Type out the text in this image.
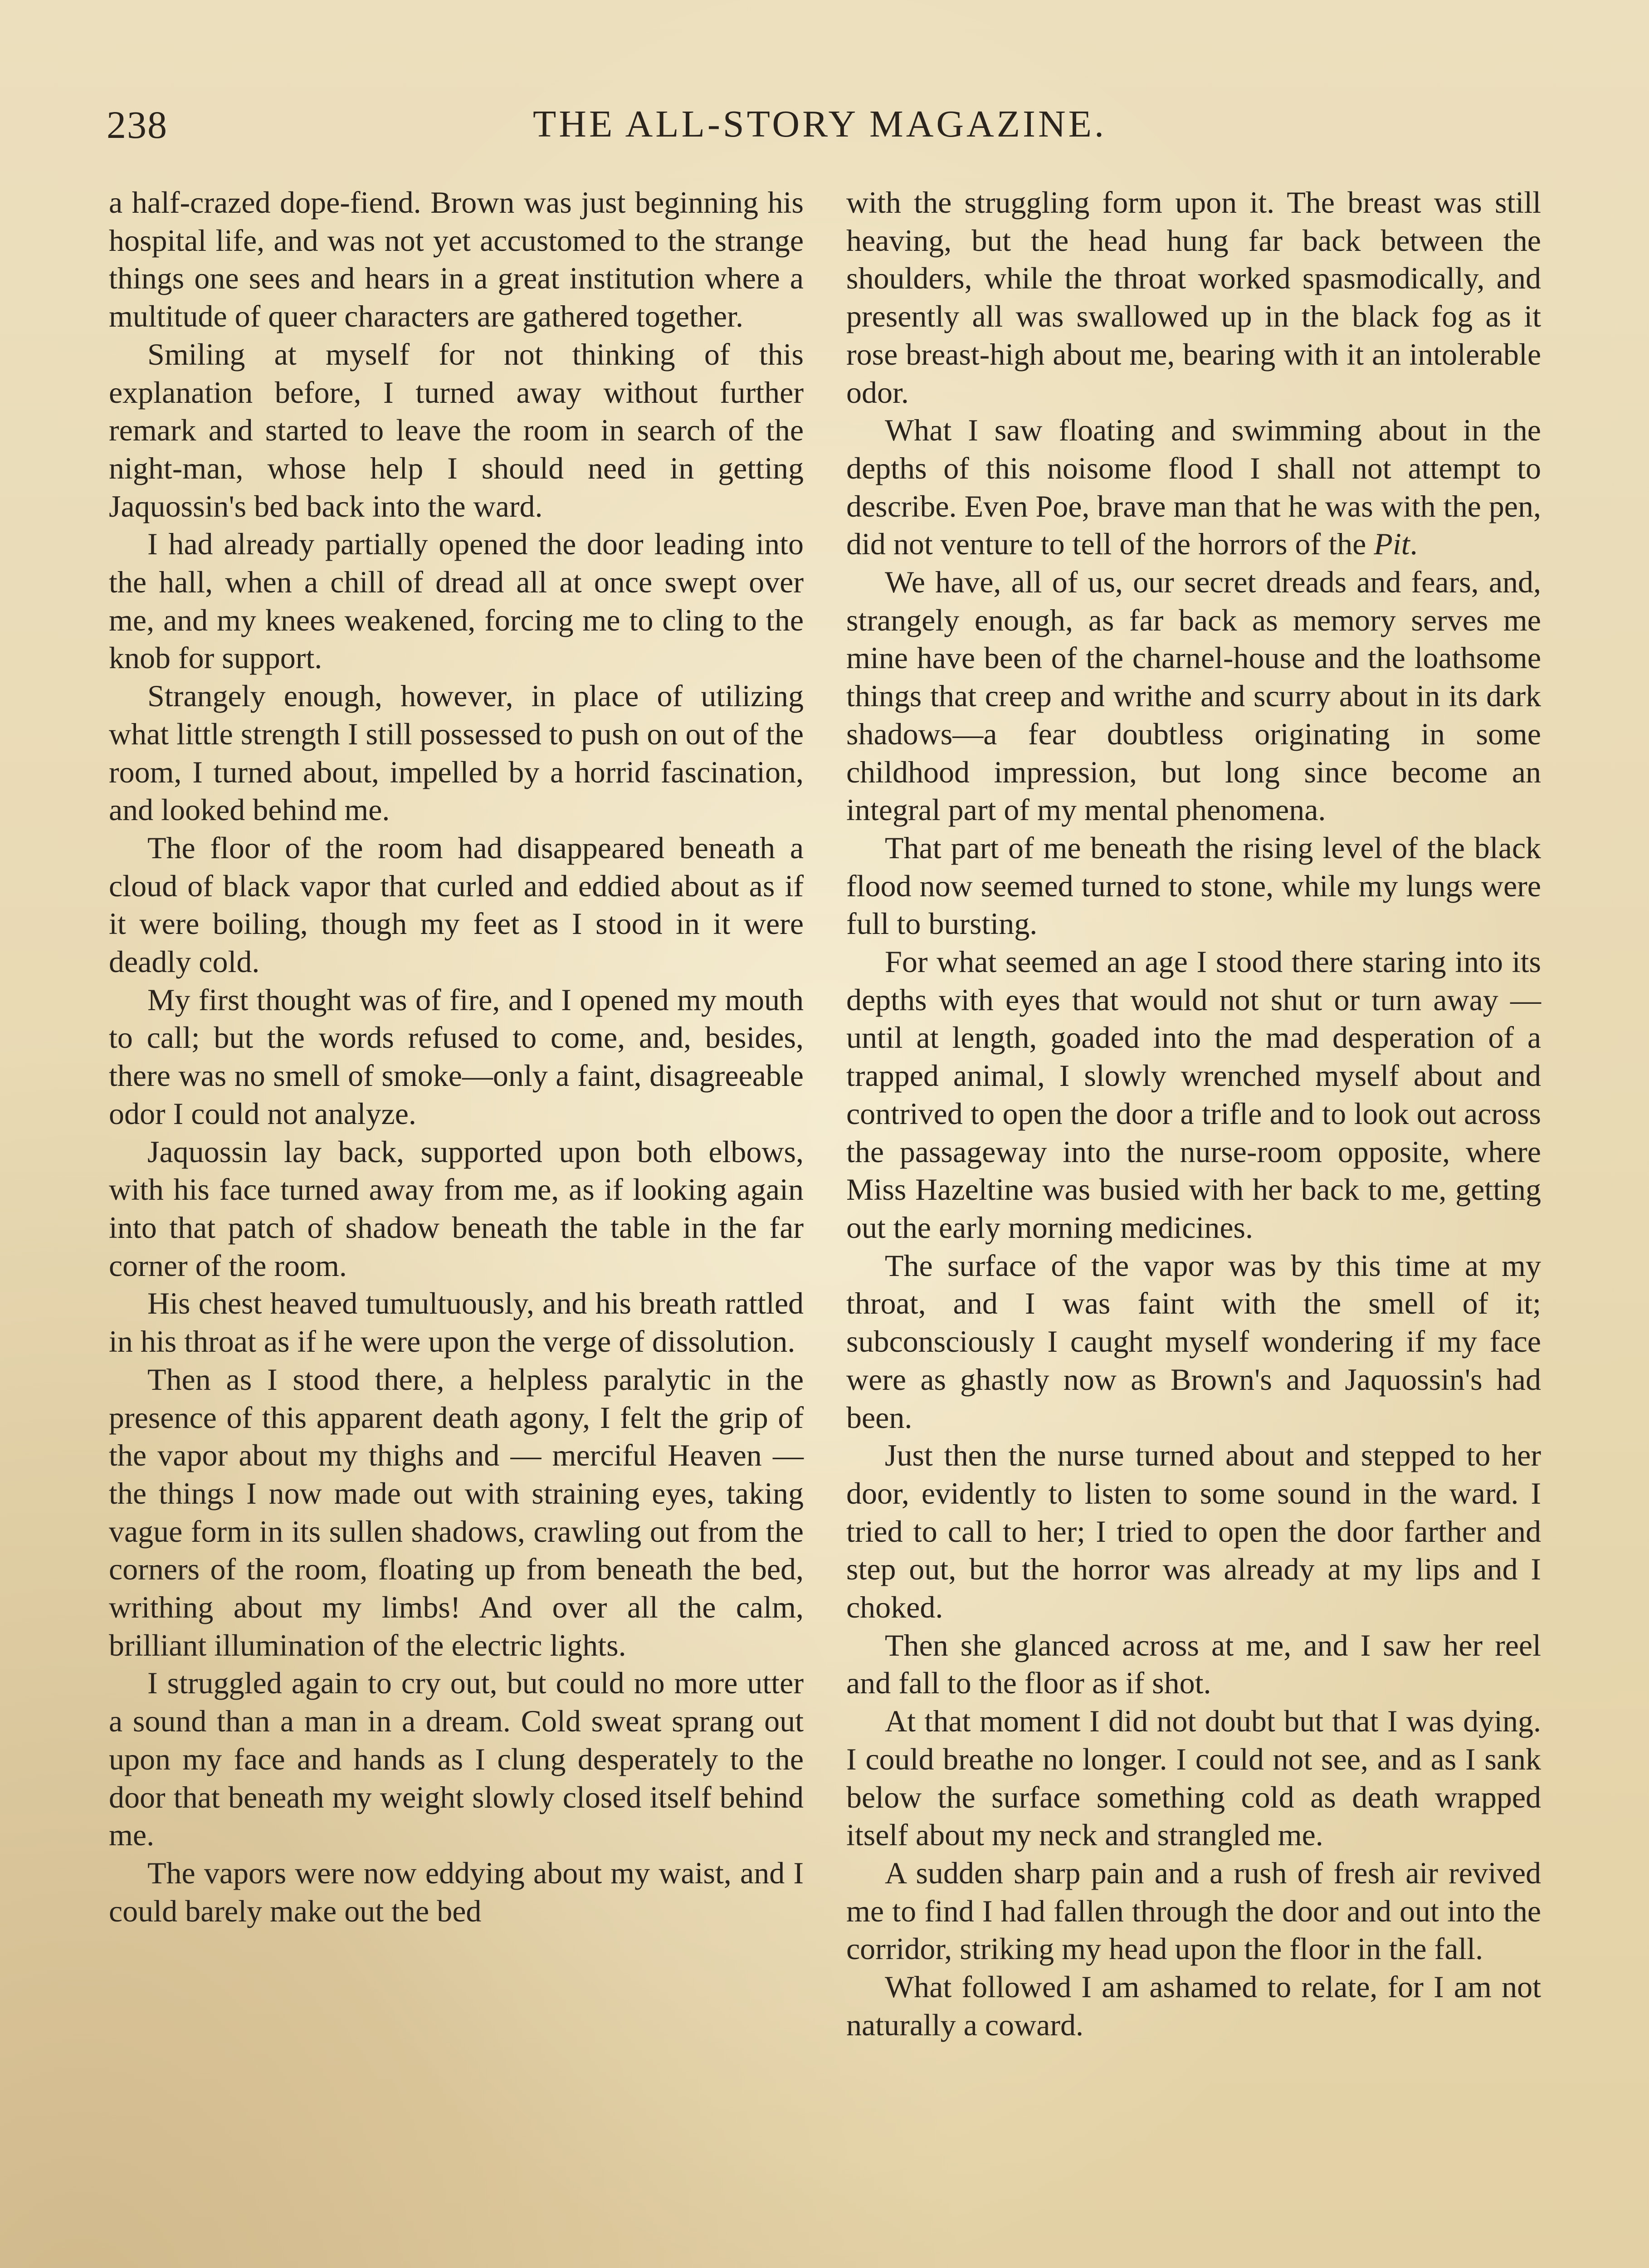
238	THE ALL-STORY MAGAZINE.

a half-crazed dope-fiend. Brown was just beginning his hospital life, and was not yet accustomed to the strange things one sees and hears in a great institution where a multitude of queer characters are gathered together.

Smiling at myself for not thinking of this explanation before, I turned away without further remark and started to leave the room in search of the night-man, whose help I should need in getting Jaquossin's bed back into the ward.

I had already partially opened the door leading into the hall, when a chill of dread all at once swept over me, and my knees weakened, forcing me to cling to the knob for support.

Strangely enough, however, in place of utilizing what little strength I still possessed to push on out of the room, I turned about, impelled by a horrid fascination, and looked behind me.

The floor of the room had disappeared beneath a cloud of black vapor that curled and eddied about as if it were boiling, though my feet as I stood in it were deadly cold.

My first thought was of fire, and I opened my mouth to call; but the words refused to come, and, besides, there was no smell of smoke—only a faint, disagreeable odor I could not analyze.

Jaquossin lay back, supported upon both elbows, with his face turned away from me, as if looking again into that patch of shadow beneath the table in the far corner of the room.

His chest heaved tumultuously, and his breath rattled in his throat as if he were upon the verge of dissolution.

Then as I stood there, a helpless paralytic in the presence of this apparent death agony, I felt the grip of the vapor about my thighs and — merciful Heaven — the things I now made out with straining eyes, taking vague form in its sullen shadows, crawling out from the corners of the room, floating up from beneath the bed, writhing about my limbs! And over all the calm, brilliant illumination of the electric lights.

I struggled again to cry out, but could no more utter a sound than a man in a dream. Cold sweat sprang out upon my face and hands as I clung desperately to the door that beneath my weight slowly closed itself behind me.

The vapors were now eddying about my waist, and I could barely make out the bed

with the struggling form upon it. The breast was still heaving, but the head hung far back between the shoulders, while the throat worked spasmodically, and presently all was swallowed up in the black fog as it rose breast-high about me, bearing with it an intolerable odor.

What I saw floating and swimming about in the depths of this noisome flood I shall not attempt to describe. Even Poe, brave man that he was with the pen, did not venture to tell of the horrors of the Pit.

We have, all of us, our secret dreads and fears, and, strangely enough, as far back as memory serves me mine have been of the charnel-house and the loathsome things that creep and writhe and scurry about in its dark shadows—a fear doubtless originating in some childhood impression, but long since become an integral part of my mental phenomena.

That part of me beneath the rising level of the black flood now seemed turned to stone, while my lungs were full to bursting.

For what seemed an age I stood there staring into its depths with eyes that would not shut or turn away — until at length, goaded into the mad desperation of a trapped animal, I slowly wrenched myself about and contrived to open the door a trifle and to look out across the passageway into the nurse-room opposite, where Miss Hazeltine was busied with her back to me, getting out the early morning medicines.

The surface of the vapor was by this time at my throat, and I was faint with the smell of it; subconsciously I caught myself wondering if my face were as ghastly now as Brown's and Jaquossin's had been.

Just then the nurse turned about and stepped to her door, evidently to listen to some sound in the ward. I tried to call to her; I tried to open the door farther and step out, but the horror was already at my lips and I choked.

Then she glanced across at me, and I saw her reel and fall to the floor as if shot.

At that moment I did not doubt but that I was dying. I could breathe no longer. I could not see, and as I sank below the surface something cold as death wrapped itself about my neck and strangled me.

A sudden sharp pain and a rush of fresh air revived me to find I had fallen through the door and out into the corridor, striking my head upon the floor in the fall.

What followed I am ashamed to relate, for I am not naturally a coward.
